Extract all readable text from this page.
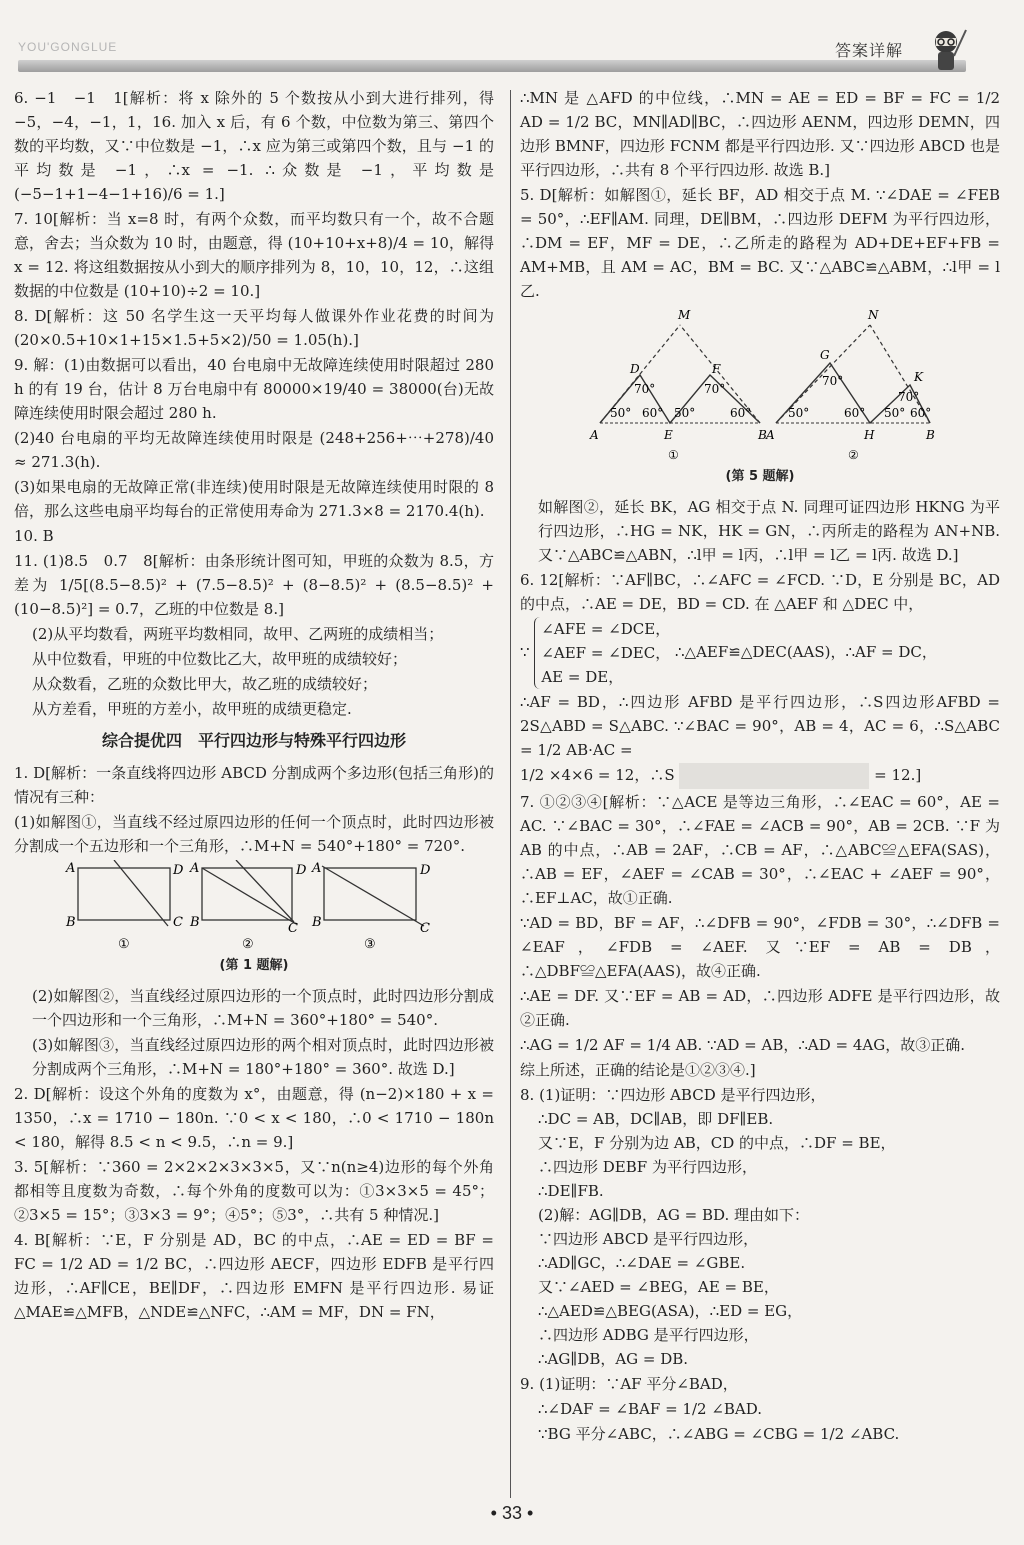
YOU'GONGLUE	答案详解

6. −1　−1　1[解析：将 x 除外的 5 个数按从小到大进行排列，得 −5，−4，−1，1，16. 加入 x 后，有 6 个数，中位数为第三、第四个数的平均数，又∵中位数是 −1，∴x 应为第三或第四个数，且与 −1 的平均数是 −1，∴x = −1. ∴众数是 −1，平均数是 (−5−1+1−4−1+16)/6 = 1.]

7. 10[解析：当 x=8 时，有两个众数，而平均数只有一个，故不合题意，舍去；当众数为 10 时，由题意，得 (10+10+x+8)/4 = 10，解得 x = 12. 将这组数据按从小到大的顺序排列为 8，10，10，12，∴这组数据的中位数是 (10+10)÷2 = 10.]

8. D[解析：这 50 名学生这一天平均每人做课外作业花费的时间为 (20×0.5+10×1+15×1.5+5×2)/50 = 1.05(h).]

9. 解：(1)由数据可以看出，40 台电扇中无故障连续使用时限超过 280 h 的有 19 台，估计 8 万台电扇中有 80000×19/40 = 38000(台)无故障连续使用时限会超过 280 h.

(2)40 台电扇的平均无故障连续使用时限是 (248+256+⋯+278)/40 ≈ 271.3(h).

(3)如果电扇的无故障正常(非连续)使用时限是无故障连续使用时限的 8 倍，那么这些电扇平均每台的正常使用寿命为 271.3×8 = 2170.4(h).

10. B

11. (1)8.5　0.7　8[解析：由条形统计图可知，甲班的众数为 8.5，方差为 1/5[(8.5−8.5)² + (7.5−8.5)² + (8−8.5)² + (8.5−8.5)² + (10−8.5)²] = 0.7，乙班的中位数是 8.]

(2)从平均数看，两班平均数相同，故甲、乙两班的成绩相当；

从中位数看，甲班的中位数比乙大，故甲班的成绩较好；

从众数看，乙班的众数比甲大，故乙班的成绩较好；

从方差看，甲班的方差小，故甲班的成绩更稳定.

综合提优四　平行四边形与特殊平行四边形

1. D[解析：一条直线将四边形 ABCD 分割成两个多边形(包括三角形)的情况有三种：

(1)如解图①，当直线不经过原四边形的任何一个顶点时，此时四边形被分割成一个五边形和一个三角形，∴M+N = 540°+180° = 720°.

A	D
B	C
①
A	D
B	C
②
A	D
B	C
③
(第 1 题解)

(2)如解图②，当直线经过原四边形的一个顶点时，此时四边形分割成一个四边形和一个三角形，∴M+N = 360°+180° = 540°.

(3)如解图③，当直线经过原四边形的两个相对顶点时，此时四边形被分割成两个三角形，∴M+N = 180°+180° = 360°. 故选 D.]

2. D[解析：设这个外角的度数为 x°，由题意，得 (n−2)×180 + x = 1350，∴x = 1710 − 180n. ∵0 < x < 180，∴0 < 1710 − 180n < 180，解得 8.5 < n < 9.5，∴n = 9.]

3. 5[解析：∵360 = 2×2×2×3×3×5，又∵n(n≥4)边形的每个外角都相等且度数为奇数，∴每个外角的度数可以为：①3×3×5 = 45°；②3×5 = 15°；③3×3 = 9°；④5°；⑤3°，∴共有 5 种情况.]

4. B[解析：∵E，F 分别是 AD，BC 的中点，∴AE = ED = BF = FC = 1/2 AD = 1/2 BC，∴四边形 AECF，四边形 EDFB 是平行四边形，∴AF∥CE，BE∥DF，∴四边形 EMFN 是平行四边形. 易证 △MAE≌△MFB，△NDE≌△NFC，∴AM = MF，DN = FN，

∴MN 是 △AFD 的中位线，∴MN = AE = ED = BF = FC = 1/2 AD = 1/2 BC，MN∥AD∥BC，∴四边形 AENM，四边形 DEMN，四边形 BMNF，四边形 FCNM 都是平行四边形. 又∵四边形 ABCD 也是平行四边形，∴共有 8 个平行四边形. 故选 B.]

5. D[解析：如解图①，延长 BF，AD 相交于点 M. ∵∠DAE = ∠FEB = 50°，∴EF∥AM. 同理，DE∥BM，∴四边形 DEFM 为平行四边形，∴DM = EF，MF = DE，∴乙所走的路程为 AD+DE+EF+FB = AM+MB，且 AM = AC，BM = BC. 又∵△ABC≌△ABM，∴l甲 = l乙.

M
D	F
A	E	B
50° 60°
70°
50°	60°
70°
①
N
G
K
A	H	B
50°	60°
70°
50° 60°
70°
②
(第 5 题解)

如解图②，延长 BK，AG 相交于点 N. 同理可证四边形 HKNG 为平行四边形，∴HG = NK，HK = GN，∴丙所走的路程为 AN+NB. 又∵△ABC≌△ABN，∴l甲 = l丙，∴l甲 = l乙 = l丙. 故选 D.]

6. 12[解析：∵AF∥BC，∴∠AFC = ∠FCD. ∵D，E 分别是 BC，AD 的中点，∴AE = DE，BD = CD. 在 △AEF 和 △DEC 中，

∵
∠AFE = ∠DCE，
∠AEF = ∠DEC，
AE = DE，
∴△AEF≌△DEC(AAS)，∴AF = DC，

∴AF = BD，∴四边形 AFBD 是平行四边形，∴S四边形AFBD = 2S△ABD = S△ABC. ∵∠BAC = 90°，AB = 4，AC = 6，∴S△ABC = 1/2 AB·AC =

1/2 ×4×6 = 12，∴S	= 12.]

7. ①②③④[解析：∵△ACE 是等边三角形，∴∠EAC = 60°，AE = AC. ∵∠BAC = 30°，∴∠FAE = ∠ACB = 90°，AB = 2CB. ∵F 为 AB 的中点，∴AB = 2AF，∴CB = AF，∴△ABC≌△EFA(SAS)，∴AB = EF，∠AEF = ∠CAB = 30°，∴∠EAC + ∠AEF = 90°，∴EF⊥AC，故①正确.

∵AD = BD，BF = AF，∴∠DFB = 90°，∠FDB = 30°，∴∠DFB = ∠EAF，∠FDB = ∠AEF. 又∵EF = AB = DB，∴△DBF≌△EFA(AAS)，故④正确.

∴AE = DF. 又∵EF = AB = AD，∴四边形 ADFE 是平行四边形，故②正确.

∴AG = 1/2 AF = 1/4 AB. ∵AD = AB，∴AD = 4AG，故③正确.

综上所述，正确的结论是①②③④.]

8. (1)证明：∵四边形 ABCD 是平行四边形，
∴DC = AB，DC∥AB，即 DF∥EB.
又∵E，F 分别为边 AB，CD 的中点，∴DF = BE，
∴四边形 DEBF 为平行四边形，
∴DE∥FB.
(2)解：AG∥DB，AG = BD. 理由如下：
∵四边形 ABCD 是平行四边形，
∴AD∥GC，∴∠DAE = ∠GBE.
又∵∠AED = ∠BEG，AE = BE，
∴△AED≌△BEG(ASA)，∴ED = EG，
∴四边形 ADBG 是平行四边形，
∴AG∥DB，AG = DB.

9. (1)证明：∵AF 平分∠BAD，

∴∠DAF = ∠BAF = 1/2 ∠BAD.

∵BG 平分∠ABC，∴∠ABG = ∠CBG = 1/2 ∠ABC.

• 33 •
